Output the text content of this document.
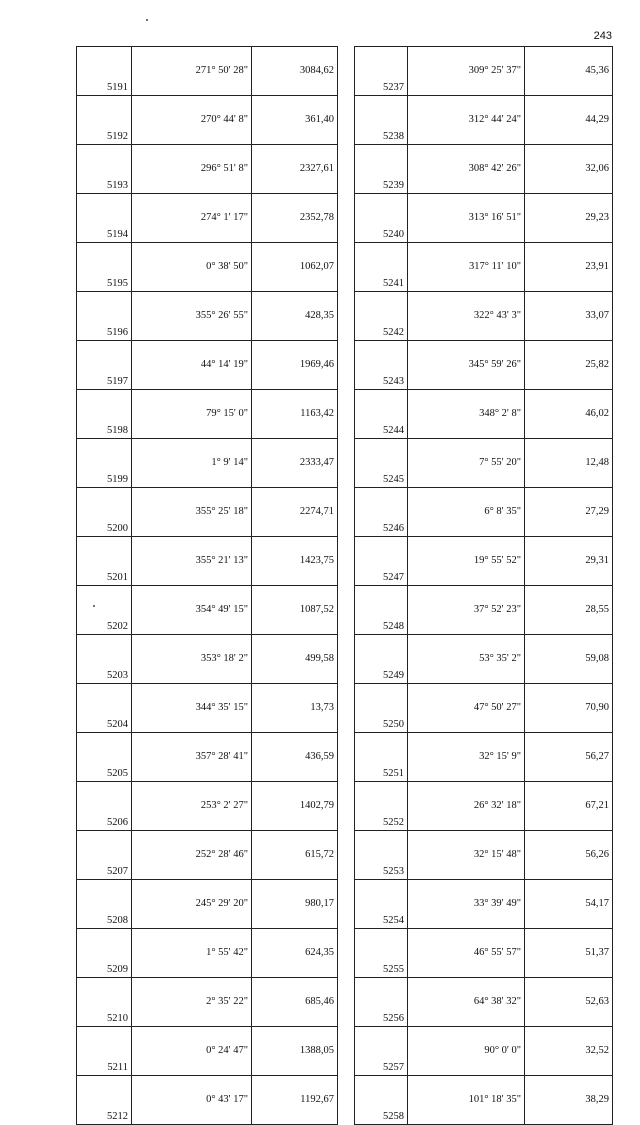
243
5191	271° 50' 28"	3084,62
5192	270° 44' 8"	361,40
5193	296° 51' 8"	2327,61
5194	274° 1' 17"	2352,78
5195	0° 38' 50"	1062,07
5196	355° 26' 55"	428,35
5197	44° 14' 19"	1969,46
5198	79° 15' 0"	1163,42
5199	1° 9' 14"	2333,47
5200	355° 25' 18"	2274,71
5201	355° 21' 13"	1423,75
5202	354° 49' 15"	1087,52
5203	353° 18' 2"	499,58
5204	344° 35' 15"	13,73
5205	357° 28' 41"	436,59
5206	253° 2' 27"	1402,79
5207	252° 28' 46"	615,72
5208	245° 29' 20"	980,17
5209	1° 55' 42"	624,35
5210	2° 35' 22"	685,46
5211	0° 24' 47"	1388,05
5212	0° 43' 17"	1192,67
5237	309° 25' 37"	45,36
5238	312° 44' 24"	44,29
5239	308° 42' 26"	32,06
5240	313° 16' 51"	29,23
5241	317° 11' 10"	23,91
5242	322° 43' 3"	33,07
5243	345° 59' 26"	25,82
5244	348° 2' 8"	46,02
5245	7° 55' 20"	12,48
5246	6° 8' 35"	27,29
5247	19° 55' 52"	29,31
5248	37° 52' 23"	28,55
5249	53° 35' 2"	59,08
5250	47° 50' 27"	70,90
5251	32° 15' 9"	56,27
5252	26° 32' 18"	67,21
5253	32° 15' 48"	56,26
5254	33° 39' 49"	54,17
5255	46° 55' 57"	51,37
5256	64° 38' 32"	52,63
5257	90° 0' 0"	32,52
5258	101° 18' 35"	38,29
